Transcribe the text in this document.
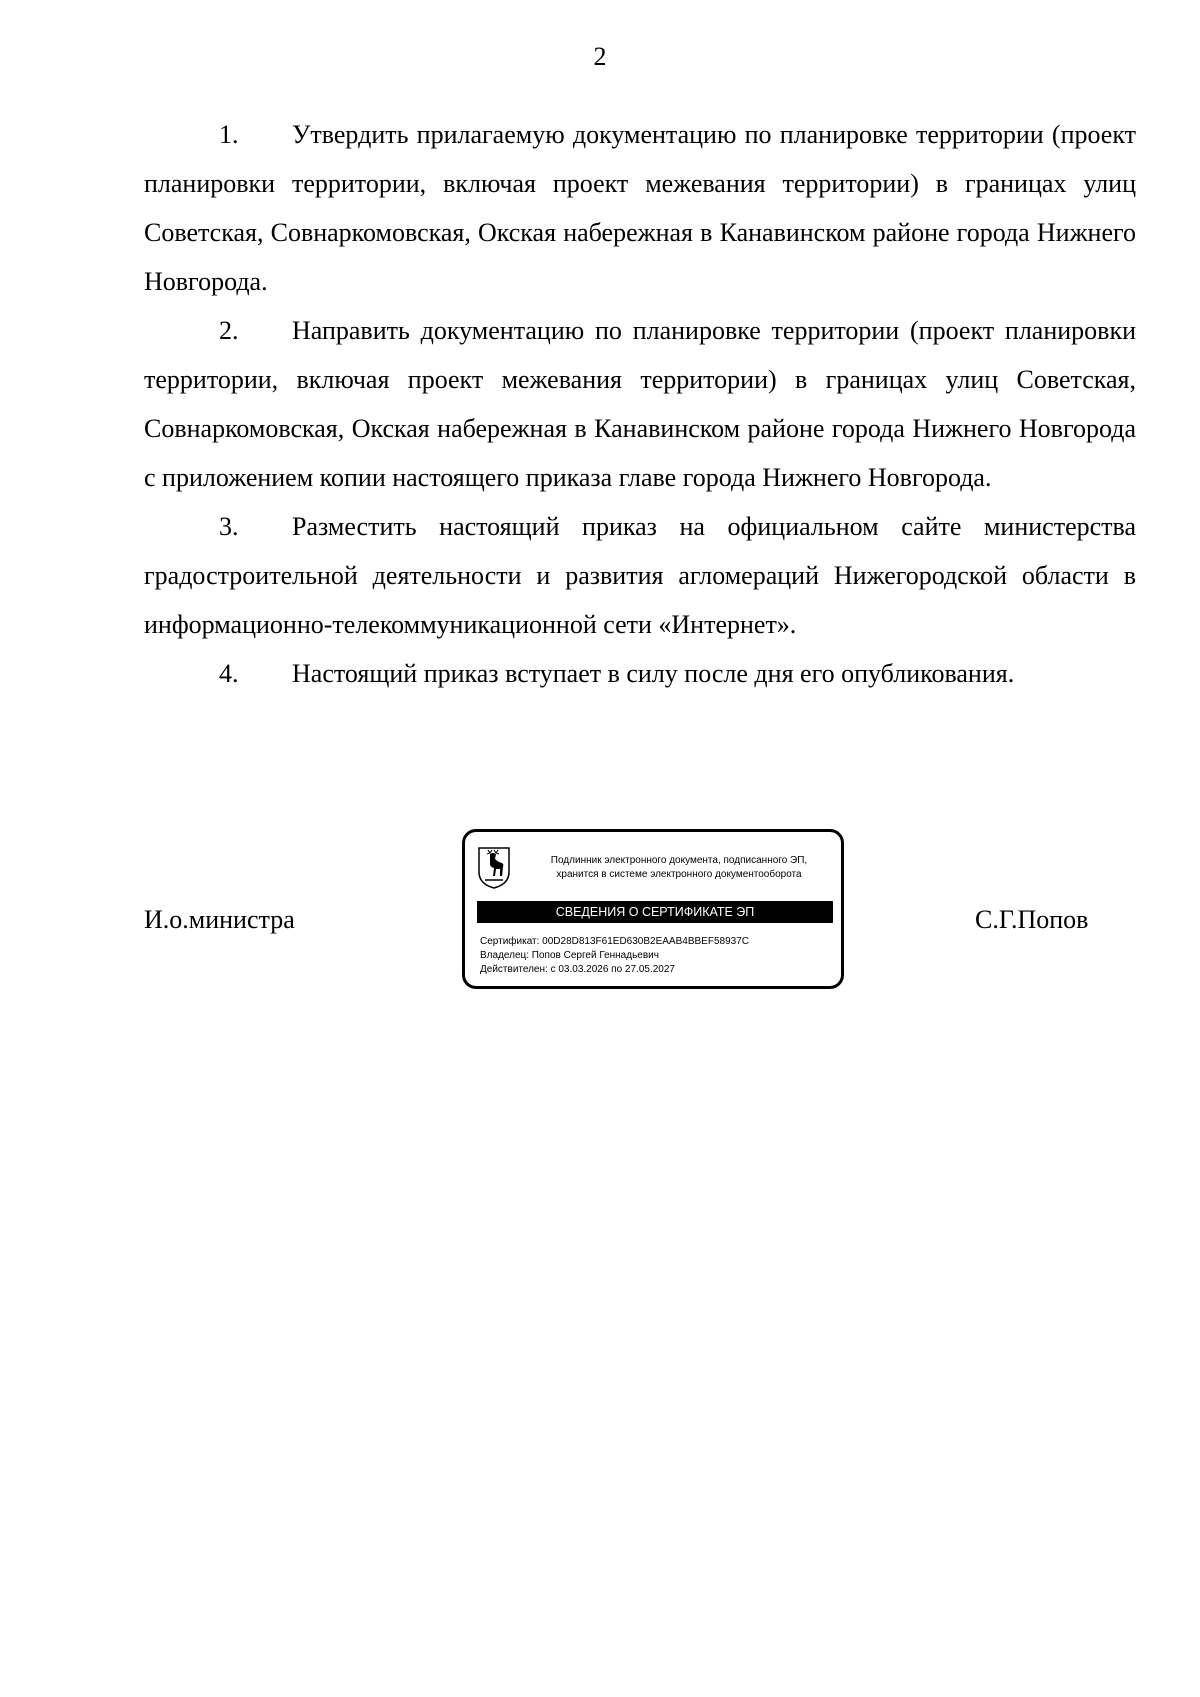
2

1. Утвердить прилагаемую документацию по планировке территории (проект планировки территории, включая проект межевания территории) в границах улиц Советская, Совнаркомовская, Окская набережная в Канавинском районе города Нижнего Новгорода.

2. Направить документацию по планировке территории (проект планировки территории, включая проект межевания территории) в границах улиц Советская, Совнаркомовская, Окская набережная в Канавинском районе города Нижнего Новгорода с приложением копии настоящего приказа главе города Нижнего Новгорода.

3. Разместить настоящий приказ на официальном сайте министерства градостроительной деятельности и развития агломераций Нижегородской области в информационно-телекоммуникационной сети «Интернет».

4. Настоящий приказ вступает в силу после дня его опубликования.

И.о.министра
Подлинник электронного документа, подписанного ЭП,
хранится в системе электронного документооборота
СВЕДЕНИЯ О СЕРТИФИКАТЕ ЭП
Сертификат: 00D28D813F61ED630B2EAAB4BBEF58937C
Владелец: Попов Сергей Геннадьевич
Действителен: с 03.03.2026 по 27.05.2027
С.Г.Попов
